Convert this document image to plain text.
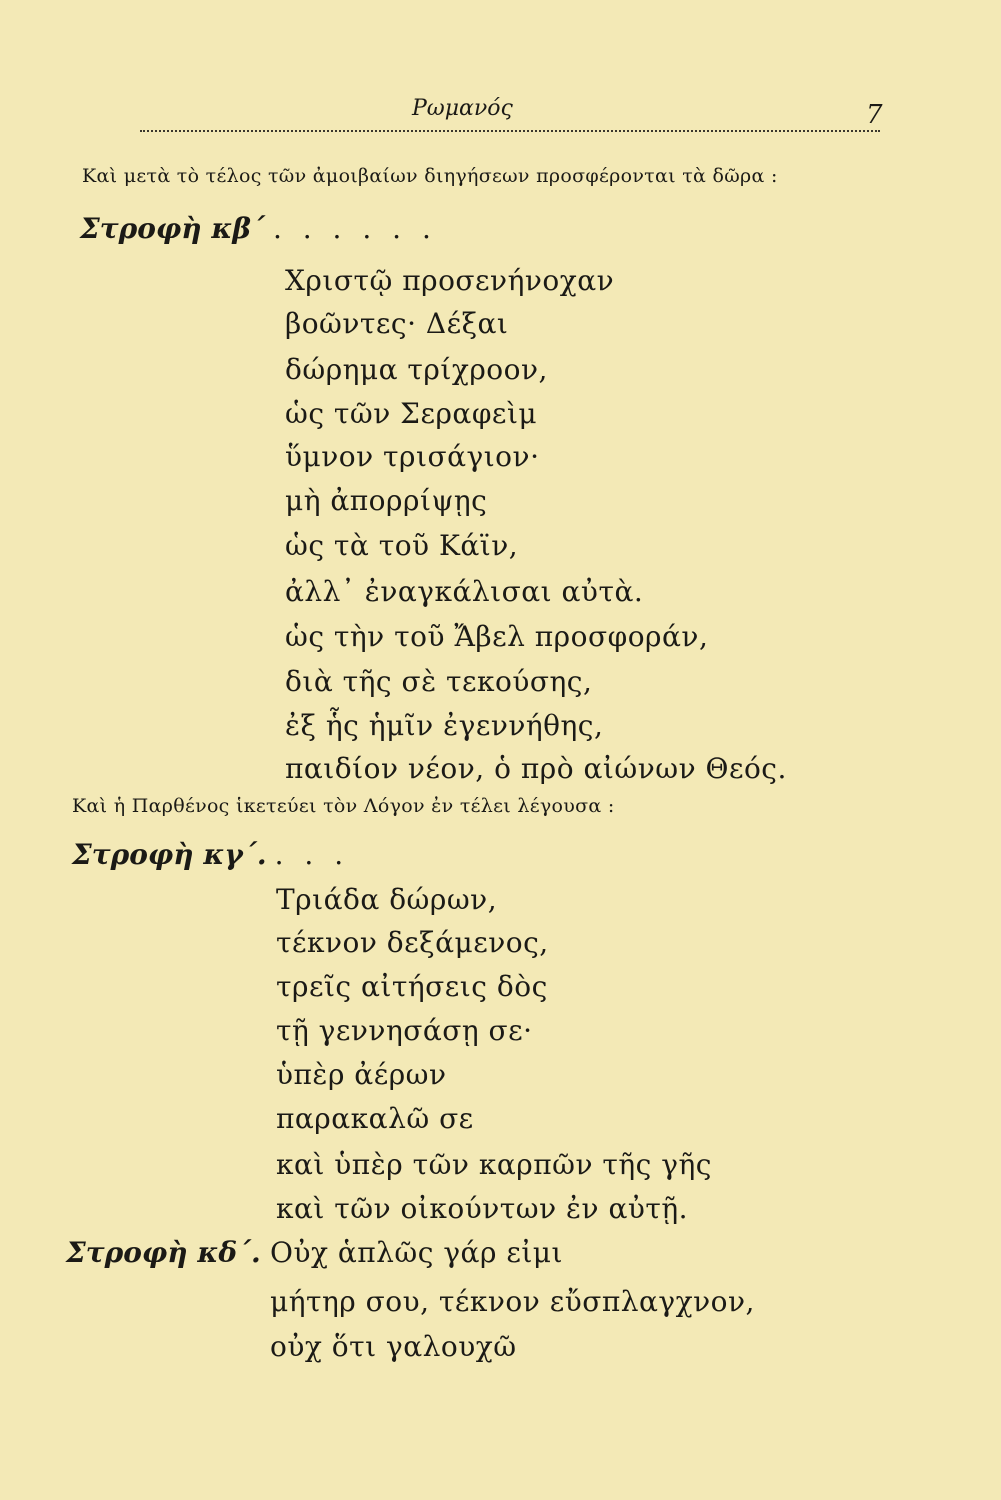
Ρωμανός	7
Καὶ μετὰ τὸ τέλος τῶν ἀμοιβαίων διηγήσεων προσφέρονται τὰ δῶρα :
Στροφὴ κβ΄ . . . . . .
Χριστῷ προσενήνοχαν
βοῶντες· Δέξαι
δώρημα τρίχροον,
ὡς τῶν Σεραφεὶμ
ὕμνον τρισάγιον·
μὴ ἀπορρίψῃς
ὡς τὰ τοῦ Κάϊν,
ἀλλ᾽ ἐναγκάλισαι αὐτὰ.
ὡς τὴν τοῦ Ἄβελ προσφοράν,
διὰ τῆς σὲ τεκούσης,
ἐξ ἧς ἡμῖν ἐγεννήθης,
παιδίον νέον, ὁ πρὸ αἰώνων Θεός.
Καὶ ἡ Παρθένος ἱκετεύει τὸν Λόγον ἐν τέλει λέγουσα :
Στροφὴ κγ΄. . . .
Τριάδα δώρων,
τέκνον δεξάμενος,
τρεῖς αἰτήσεις δὸς
τῇ γεννησάσῃ σε·
ὑπὲρ ἀέρων
παρακαλῶ σε
καὶ ὑπὲρ τῶν καρπῶν τῆς γῆς
καὶ τῶν οἰκούντων ἐν αὐτῇ.
Στροφὴ κδ΄. Οὐχ ἁπλῶς γάρ εἰμι
μήτηρ σου, τέκνον εὔσπλαγχνον,
οὐχ ὅτι γαλουχῶ
